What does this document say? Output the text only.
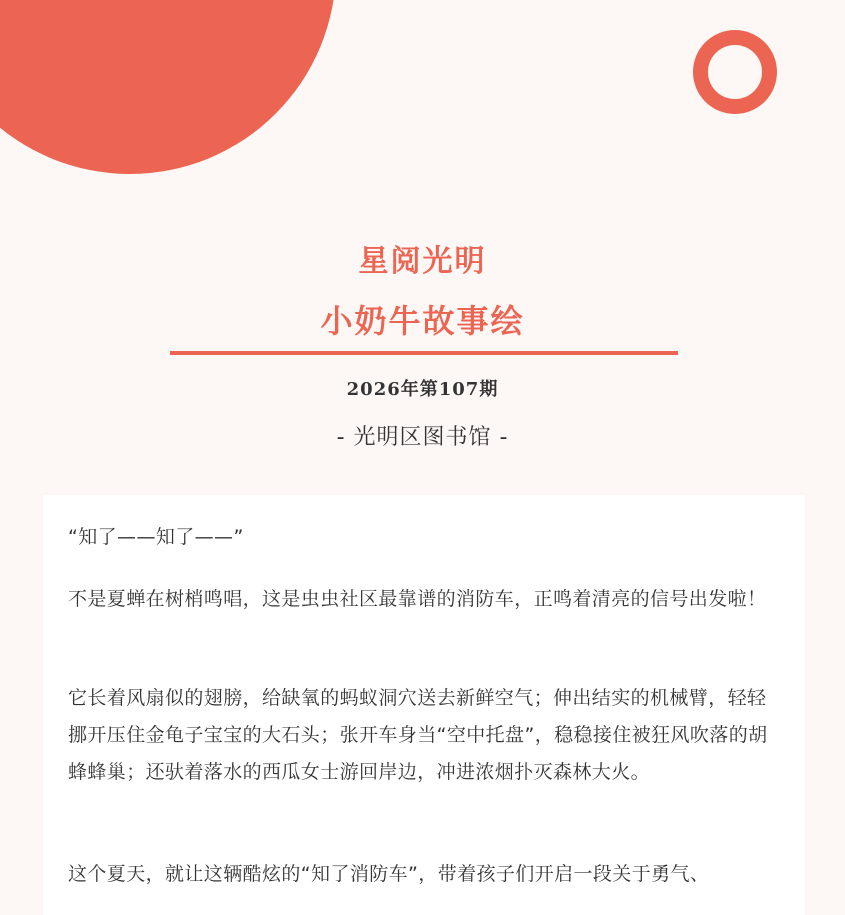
星阅光明
小奶牛故事绘
2026年第107期
- 光明区图书馆 -

“知了——知了——”

不是夏蝉在树梢鸣唱，这是虫虫社区最靠谱的消防车，正鸣着清亮的信号出发啦！

它长着风扇似的翅膀，给缺氧的蚂蚁洞穴送去新鲜空气；伸出结实的机械臂，轻轻挪开压住金龟子宝宝的大石头；张开车身当“空中托盘”，稳稳接住被狂风吹落的胡蜂蜂巢；还驮着落水的西瓜女士游回岸边，冲进浓烟扑灭森林大火。

这个夏天，就让这辆酷炫的“知了消防车”，带着孩子们开启一段关于勇气、
